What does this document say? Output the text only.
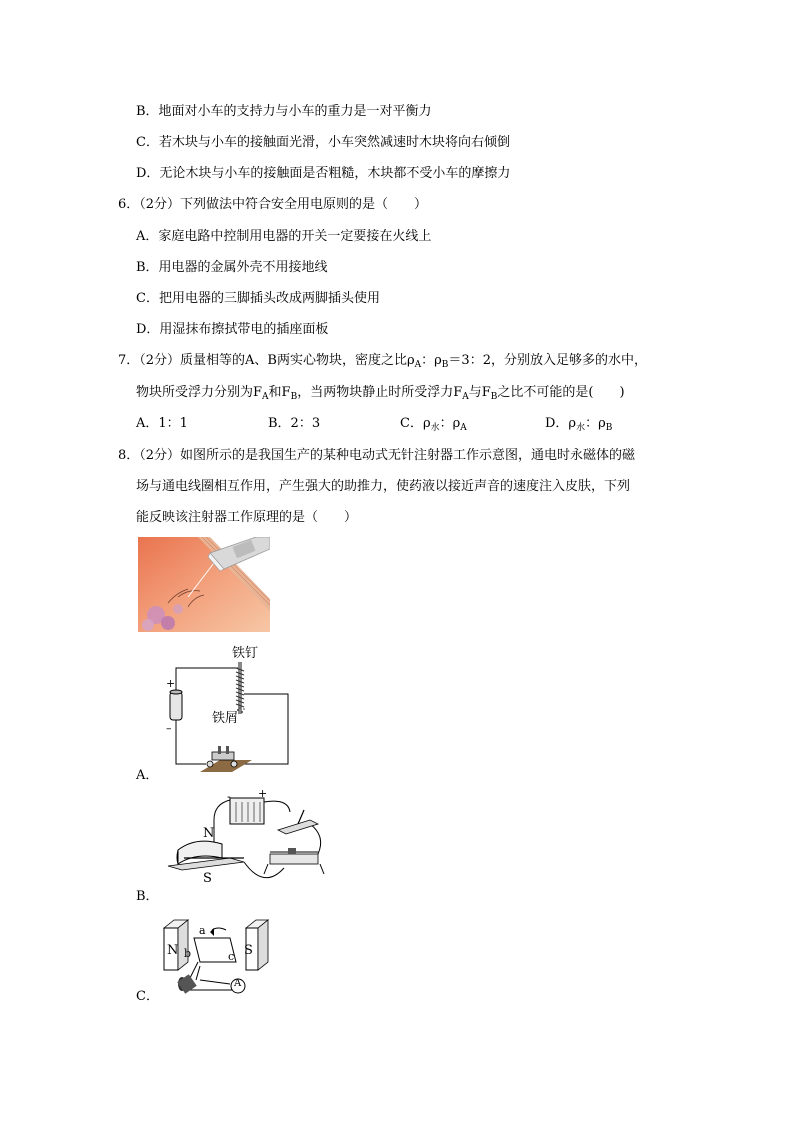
B．地面对小车的支持力与小车的重力是一对平衡力
C．若木块与小车的接触面光滑，小车突然减速时木块将向右倾倒
D．无论木块与小车的接触面是否粗糙，木块都不受小车的摩擦力
6．（2分）下列做法中符合安全用电原则的是（　　）
A．家庭电路中控制用电器的开关一定要接在火线上
B．用电器的金属外壳不用接地线
C．把用电器的三脚插头改成两脚插头使用
D．用湿抹布擦拭带电的插座面板
7．（2分）质量相等的A、B两实心物块，密度之比$\rho_A$：$\rho_B=3$：2，分别放入足够多的水中，
物块所受浮力分别为$F_A$和$F_B$，当两物块静止时所受浮力$F_A$与$F_B$之比不可能的是(　　)
A．1：1	B．2：3	C．$\rho_水$：$\rho_A$	D．$\rho_水$：$\rho_B$
8．（2分）如图所示的是我国生产的某种电动式无针注射器工作示意图，通电时永磁体的磁
场与通电线圈相互作用，产生强大的助推力，使药液以接近声音的速度注入皮肤，下列
能反映该注射器工作原理的是（　　）
铁钉
铁屑
+
–
A．
N
S
- +
B．
N	S
a
b	c
A
C．
